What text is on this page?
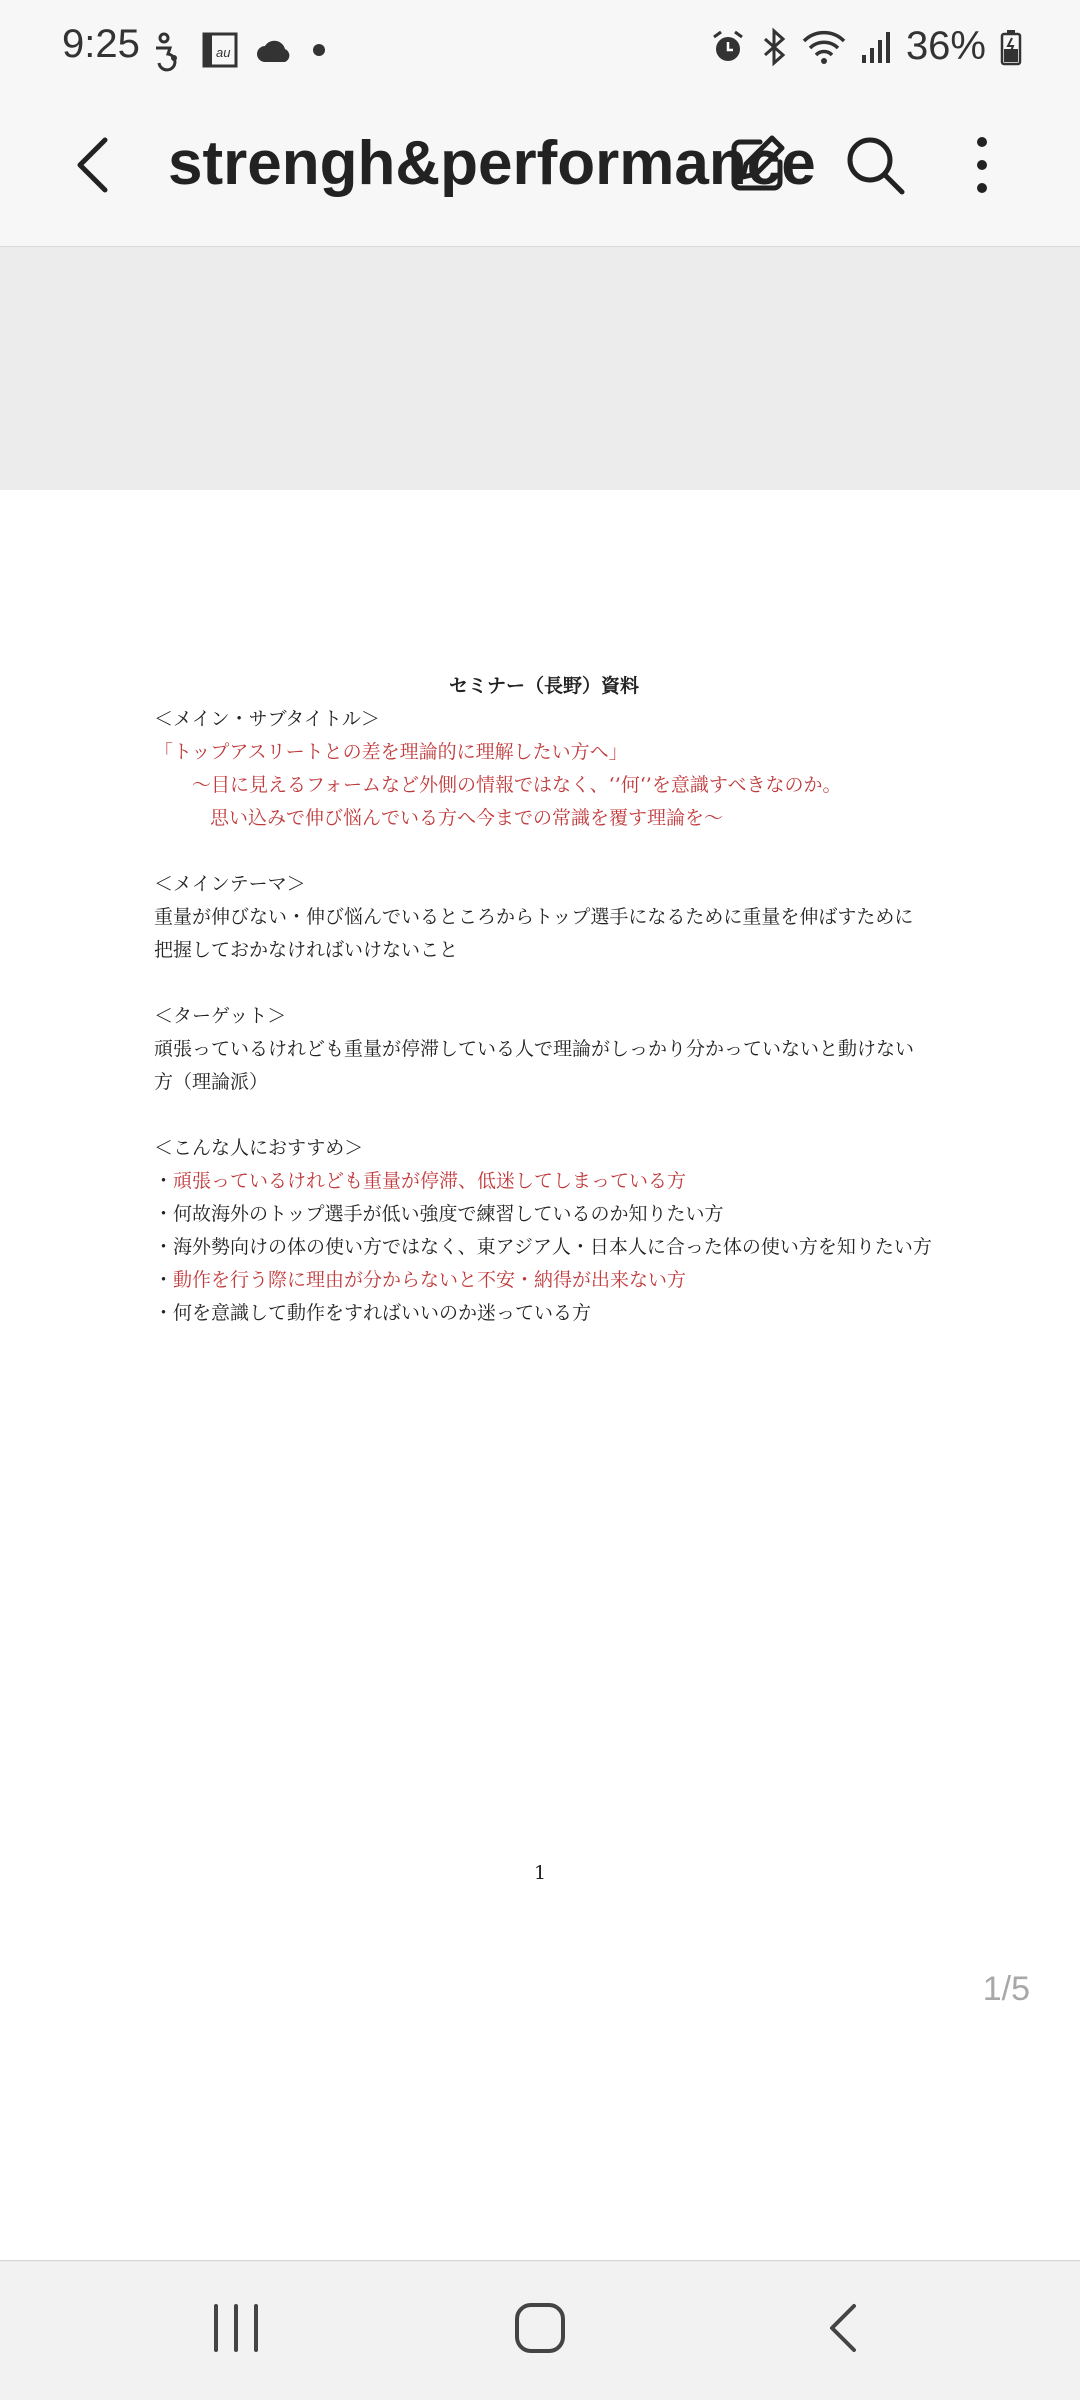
9:25	au	36%
strengh&performance
セミナー（長野）資料
＜メイン・サブタイトル＞
「トップアスリートとの差を理論的に理解したい方へ」
〜目に見えるフォームなど外側の情報ではなく、‘’何‘’を意識すべきなのか。
思い込みで伸び悩んでいる方へ今までの常識を覆す理論を〜
＜メインテーマ＞
重量が伸びない・伸び悩んでいるところからトップ選手になるために重量を伸ばすために
把握しておかなければいけないこと
＜ターゲット＞
頑張っているけれども重量が停滞している人で理論がしっかり分かっていないと動けない
方（理論派）
＜こんな人におすすめ＞
・頑張っているけれども重量が停滞、低迷してしまっている方
・何故海外のトップ選手が低い強度で練習しているのか知りたい方
・海外勢向けの体の使い方ではなく、東アジア人・日本人に合った体の使い方を知りたい方
・動作を行う際に理由が分からないと不安・納得が出来ない方
・何を意識して動作をすればいいのか迷っている方
1
1/5
